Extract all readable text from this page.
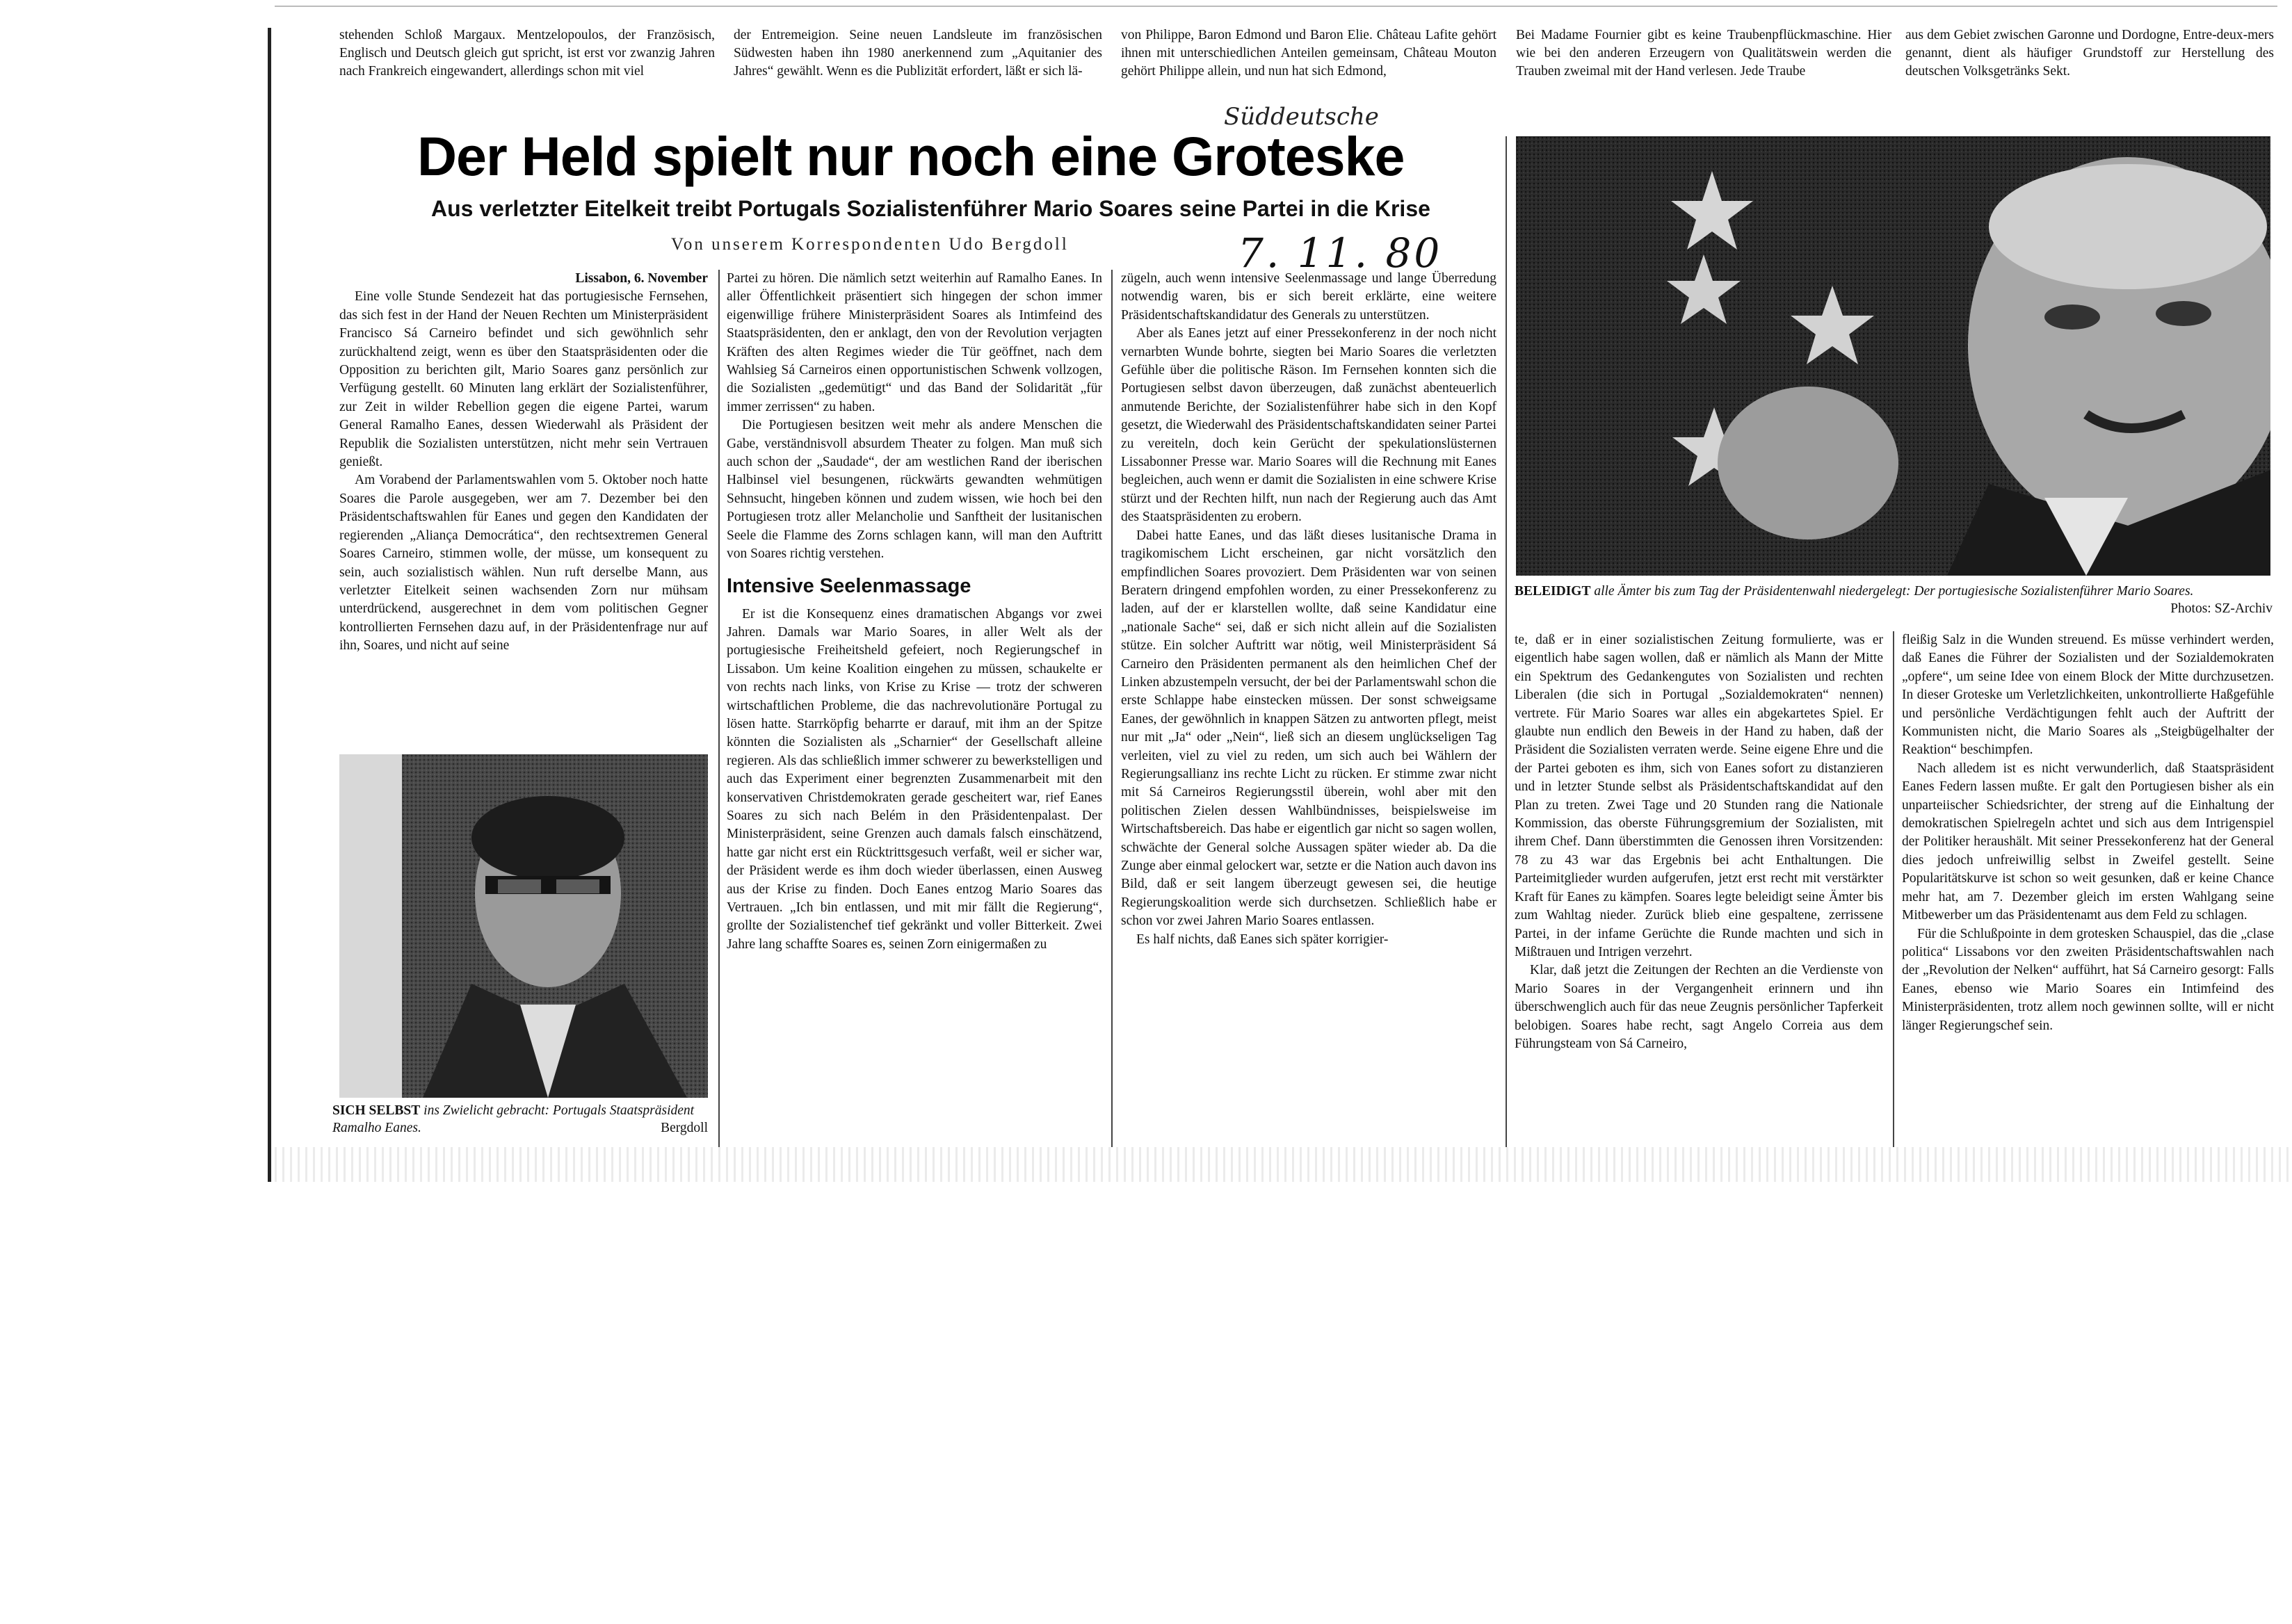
stehenden Schloß Margaux. Mentzelopoulos, der Französisch, Englisch und Deutsch gleich gut spricht, ist erst vor zwanzig Jahren nach Frankreich eingewandert, allerdings schon mit viel
der Entremeigion. Seine neuen Landsleute im französischen Südwesten haben ihn 1980 anerkennend zum „Aquitanier des Jahres“ gewählt. Wenn es die Publizität erfordert, läßt er sich lä-
von Philippe, Baron Edmond und Baron Elie. Château Lafite gehört ihnen mit unterschiedlichen Anteilen gemeinsam, Château Mouton gehört Philippe allein, und nun hat sich Edmond,
Bei Madame Fournier gibt es keine Traubenpflückmaschine. Hier wie bei den anderen Erzeugern von Qualitätswein werden die Trauben zweimal mit der Hand verlesen. Jede Traube
aus dem Gebiet zwischen Garonne und Dordogne, Entre-deux-mers genannt, dient als häufiger Grundstoff zur Herstellung des deutschen Volksgetränks Sekt.
Süddeutsche
Der Held spielt nur noch eine Groteske
Aus verletzter Eitelkeit treibt Portugals Sozialistenführer Mario Soares seine Partei in die Krise
Von unserem Korrespondenten Udo Bergdoll	7. 11. 80

Lissabon, 6. November

Eine volle Stunde Sendezeit hat das portugiesische Fernsehen, das sich fest in der Hand der Neuen Rechten um Ministerpräsident Francisco Sá Carneiro befindet und sich gewöhnlich sehr zurückhaltend zeigt, wenn es über den Staatspräsidenten oder die Opposition zu berichten gilt, Mario Soares ganz persönlich zur Verfügung gestellt. 60 Minuten lang erklärt der Sozialistenführer, zur Zeit in wilder Rebellion gegen die eigene Partei, warum General Ramalho Eanes, dessen Wiederwahl als Präsident der Republik die Sozialisten unterstützen, nicht mehr sein Vertrauen genießt.

Am Vorabend der Parlamentswahlen vom 5. Oktober noch hatte Soares die Parole ausgegeben, wer am 7. Dezember bei den Präsidentschaftswahlen für Eanes und gegen den Kandidaten der regierenden „Aliança Democrática“, den rechtsextremen General Soares Carneiro, stimmen wolle, der müsse, um konsequent zu sein, auch sozialistisch wählen. Nun ruft derselbe Mann, aus verletzter Eitelkeit seinen wachsenden Zorn nur mühsam unterdrückend, ausgerechnet in dem vom politischen Gegner kontrollierten Fernsehen dazu auf, in der Präsidentenfrage nur auf ihn, Soares, und nicht auf seine

SICH SELBST ins Zwielicht gebracht: Portugals Staatspräsident Ramalho Eanes.	Bergdoll

Partei zu hören. Die nämlich setzt weiterhin auf Ramalho Eanes. In aller Öffentlichkeit präsentiert sich hingegen der schon immer eigenwillige frühere Ministerpräsident Soares als Intimfeind des Staatspräsidenten, den er anklagt, den von der Revolution verjagten Kräften des alten Regimes wieder die Tür geöffnet, nach dem Wahlsieg Sá Carneiros einen opportunistischen Schwenk vollzogen, die Sozialisten „gedemütigt“ und das Band der Solidarität „für immer zerrissen“ zu haben.

Die Portugiesen besitzen weit mehr als andere Menschen die Gabe, verständnisvoll absurdem Theater zu folgen. Man muß sich auch schon der „Saudade“, der am westlichen Rand der iberischen Halbinsel viel besungenen, rückwärts gewandten wehmütigen Sehnsucht, hingeben können und zudem wissen, wie hoch bei den Portugiesen trotz aller Melancholie und Sanftheit der lusitanischen Seele die Flamme des Zorns schlagen kann, will man den Auftritt von Soares richtig verstehen.

Intensive Seelenmassage

Er ist die Konsequenz eines dramatischen Abgangs vor zwei Jahren. Damals war Mario Soares, in aller Welt als der portugiesische Freiheitsheld gefeiert, noch Regierungschef in Lissabon. Um keine Koalition eingehen zu müssen, schaukelte er von rechts nach links, von Krise zu Krise — trotz der schweren wirtschaftlichen Probleme, die das nachrevolutionäre Portugal zu lösen hatte. Starrköpfig beharrte er darauf, mit ihm an der Spitze könnten die Sozialisten als „Scharnier“ der Gesellschaft alleine regieren. Als das schließlich immer schwerer zu bewerkstelligen und auch das Experiment einer begrenzten Zusammenarbeit mit den konservativen Christdemokraten gerade gescheitert war, rief Eanes Soares zu sich nach Belém in den Präsidentenpalast. Der Ministerpräsident, seine Grenzen auch damals falsch einschätzend, hatte gar nicht erst ein Rücktrittsgesuch verfaßt, weil er sicher war, der Präsident werde es ihm doch wieder überlassen, einen Ausweg aus der Krise zu finden. Doch Eanes entzog Mario Soares das Vertrauen. „Ich bin entlassen, und mit mir fällt die Regierung“, grollte der Sozialistenchef tief gekränkt und voller Bitterkeit. Zwei Jahre lang schaffte Soares es, seinen Zorn einigermaßen zu

zügeln, auch wenn intensive Seelenmassage und lange Überredung notwendig waren, bis er sich bereit erklärte, eine weitere Präsidentschaftskandidatur des Generals zu unterstützen.

Aber als Eanes jetzt auf einer Pressekonferenz in der noch nicht vernarbten Wunde bohrte, siegten bei Mario Soares die verletzten Gefühle über die politische Räson. Im Fernsehen konnten sich die Portugiesen selbst davon überzeugen, daß zunächst abenteuerlich anmutende Berichte, der Sozialistenführer habe sich in den Kopf gesetzt, die Wiederwahl des Präsidentschaftskandidaten seiner Partei zu vereiteln, doch kein Gerücht der spekulationslüsternen Lissabonner Presse war. Mario Soares will die Rechnung mit Eanes begleichen, auch wenn er damit die Sozialisten in eine schwere Krise stürzt und der Rechten hilft, nun nach der Regierung auch das Amt des Staatspräsidenten zu erobern.

Dabei hatte Eanes, und das läßt dieses lusitanische Drama in tragikomischem Licht erscheinen, gar nicht vorsätzlich den empfindlichen Soares provoziert. Dem Präsidenten war von seinen Beratern dringend empfohlen worden, zu einer Pressekonferenz zu laden, auf der er klarstellen wollte, daß seine Kandidatur eine „nationale Sache“ sei, daß er sich nicht allein auf die Sozialisten stütze. Ein solcher Auftritt war nötig, weil Ministerpräsident Sá Carneiro den Präsidenten permanent als den heimlichen Chef der Linken abzustempeln versucht, der bei der Parlamentswahl schon die erste Schlappe habe einstecken müssen. Der sonst schweigsame Eanes, der gewöhnlich in knappen Sätzen zu antworten pflegt, meist nur mit „Ja“ oder „Nein“, ließ sich an diesem unglückseligen Tag verleiten, viel zu viel zu reden, um sich auch bei Wählern der Regierungsallianz ins rechte Licht zu rücken. Er stimme zwar nicht mit Sá Carneiros Regierungsstil überein, wohl aber mit den politischen Zielen dessen Wahlbündnisses, beispielsweise im Wirtschaftsbereich. Das habe er eigentlich gar nicht so sagen wollen, schwächte der General solche Aussagen später wieder ab. Da die Zunge aber einmal gelockert war, setzte er die Nation auch davon ins Bild, daß er seit langem überzeugt gewesen sei, die heutige Regierungskoalition werde sich durchsetzen. Schließlich habe er schon vor zwei Jahren Mario Soares entlassen.

Es half nichts, daß Eanes sich später korrigier-

BELEIDIGT alle Ämter bis zum Tag der Präsidentenwahl niedergelegt: Der portugiesische Sozialistenführer Mario Soares.
Photos: SZ-Archiv

te, daß er in einer sozialistischen Zeitung formulierte, was er eigentlich habe sagen wollen, daß er nämlich als Mann der Mitte ein Spektrum des Gedankengutes von Sozialisten und rechten Liberalen (die sich in Portugal „Sozialdemokraten“ nennen) vertrete. Für Mario Soares war alles ein abgekartetes Spiel. Er glaubte nun endlich den Beweis in der Hand zu haben, daß der Präsident die Sozialisten verraten werde. Seine eigene Ehre und die der Partei geboten es ihm, sich von Eanes sofort zu distanzieren und in letzter Stunde selbst als Präsidentschaftskandidat auf den Plan zu treten. Zwei Tage und 20 Stunden rang die Nationale Kommission, das oberste Führungsgremium der Sozialisten, mit ihrem Chef. Dann überstimmten die Genossen ihren Vorsitzenden: 78 zu 43 war das Ergebnis bei acht Enthaltungen. Die Parteimitglieder wurden aufgerufen, jetzt erst recht mit verstärkter Kraft für Eanes zu kämpfen. Soares legte beleidigt seine Ämter bis zum Wahltag nieder. Zurück blieb eine gespaltene, zerrissene Partei, in der infame Gerüchte die Runde machten und sich in Mißtrauen und Intrigen verzehrt.

Klar, daß jetzt die Zeitungen der Rechten an die Verdienste von Mario Soares in der Vergangenheit erinnern und ihn überschwenglich auch für das neue Zeugnis persönlicher Tapferkeit belobigen. Soares habe recht, sagt Angelo Correia aus dem Führungsteam von Sá Carneiro,

fleißig Salz in die Wunden streuend. Es müsse verhindert werden, daß Eanes die Führer der Sozialisten und der Sozialdemokraten „opfere“, um seine Idee von einem Block der Mitte durchzusetzen. In dieser Groteske um Verletzlichkeiten, unkontrollierte Haßgefühle und persönliche Verdächtigungen fehlt auch der Auftritt der Kommunisten nicht, die Mario Soares als „Steigbügelhalter der Reaktion“ beschimpfen.

Nach alledem ist es nicht verwunderlich, daß Staatspräsident Eanes Federn lassen mußte. Er galt den Portugiesen bisher als ein unparteiischer Schiedsrichter, der streng auf die Einhaltung der demokratischen Spielregeln achtet und sich aus dem Intrigenspiel der Politiker heraushält. Mit seiner Pressekonferenz hat der General dies jedoch unfreiwillig selbst in Zweifel gestellt. Seine Popularitätskurve ist schon so weit gesunken, daß er keine Chance mehr hat, am 7. Dezember gleich im ersten Wahlgang seine Mitbewerber um das Präsidentenamt aus dem Feld zu schlagen.

Für die Schlußpointe in dem grotesken Schauspiel, das die „clase politica“ Lissabons vor den zweiten Präsidentschaftswahlen nach der „Revolution der Nelken“ aufführt, hat Sá Carneiro gesorgt: Falls Eanes, ebenso wie Mario Soares ein Intimfeind des Ministerpräsidenten, trotz allem noch gewinnen sollte, will er nicht länger Regierungschef sein.
